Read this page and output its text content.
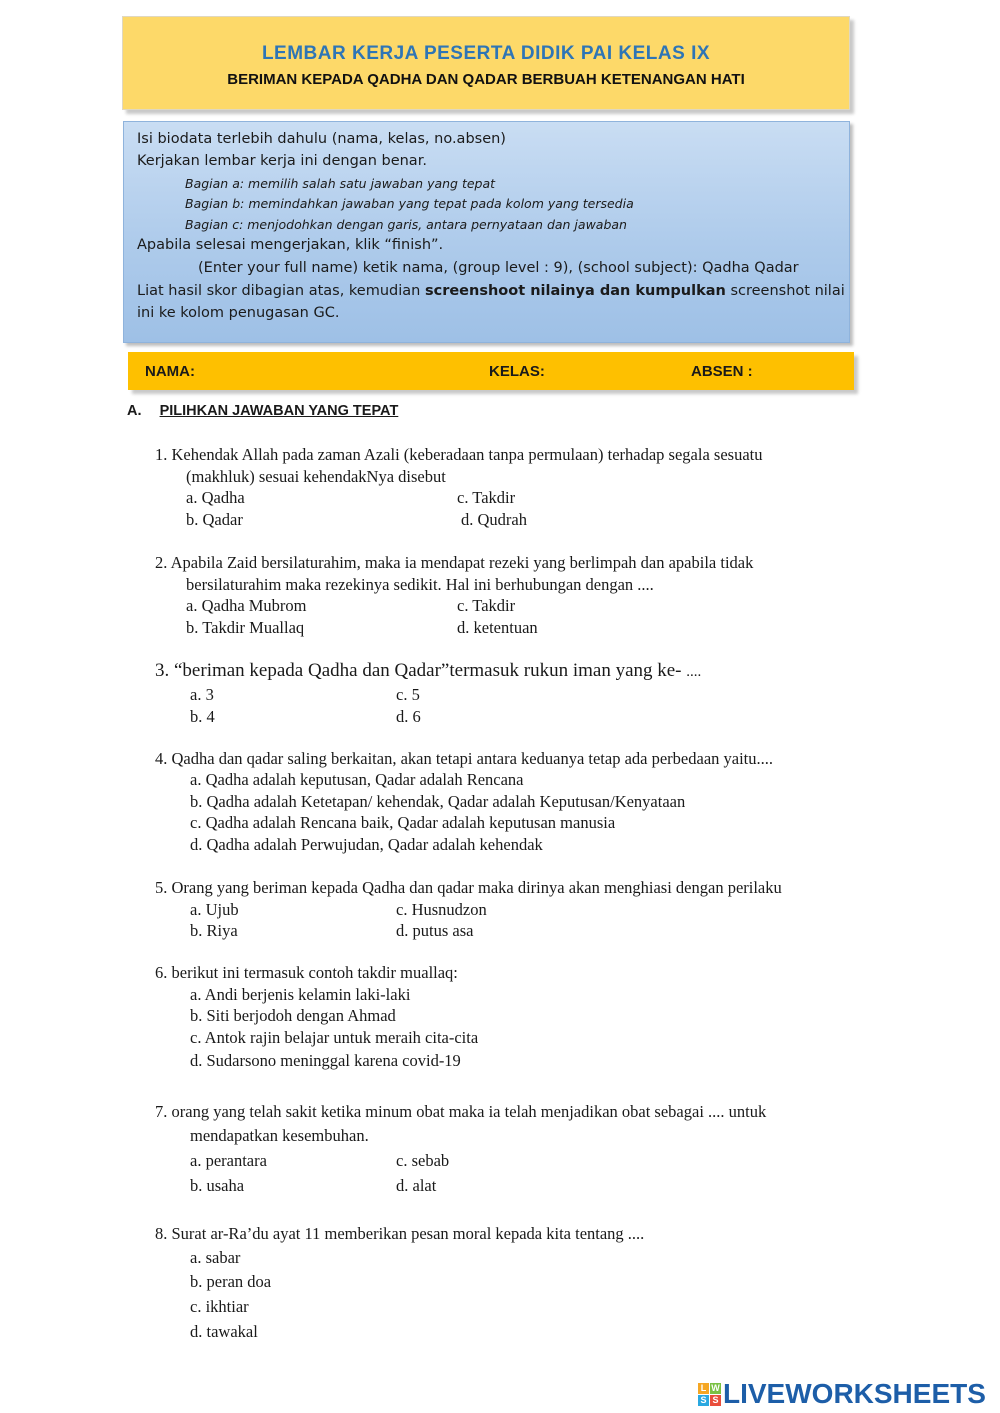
LEMBAR KERJA PESERTA DIDIK PAI KELAS IX
BERIMAN KEPADA QADHA DAN QADAR BERBUAH KETENANGAN HATI
Isi biodata terlebih dahulu (nama, kelas, no.absen)
Kerjakan lembar kerja ini dengan benar.
Bagian a: memilih salah satu jawaban yang tepat
Bagian b: memindahkan jawaban yang tepat pada kolom yang tersedia
Bagian c: menjodohkan dengan garis, antara pernyataan dan jawaban
Apabila selesai mengerjakan, klik “finish”.
(Enter your full name) ketik nama, (group level : 9), (school subject): Qadha Qadar
Liat hasil skor dibagian atas, kemudian screenshoot nilainya dan kumpulkan screenshot nilai
ini ke kolom penugasan GC.
NAMA:	KELAS:	ABSEN :
A. PILIHKAN JAWABAN YANG TEPAT
1. Kehendak Allah pada zaman Azali (keberadaan tanpa permulaan) terhadap segala sesuatu
(makhluk) sesuai kehendakNya disebut
a. Qadha	c. Takdir
b. Qadar	d. Qudrah
2. Apabila Zaid bersilaturahim, maka ia mendapat rezeki yang berlimpah dan apabila tidak
bersilaturahim maka rezekinya sedikit. Hal ini berhubungan dengan ....
a. Qadha Mubrom	c. Takdir
b. Takdir Muallaq	d. ketentuan
3. “beriman kepada Qadha dan Qadar”termasuk rukun iman yang ke- ....
a. 3	c. 5
b. 4	d. 6
4. Qadha dan qadar saling berkaitan, akan tetapi antara keduanya tetap ada perbedaan yaitu....
a. Qadha adalah keputusan, Qadar adalah Rencana
b. Qadha adalah Ketetapan/ kehendak, Qadar adalah Keputusan/Kenyataan
c. Qadha adalah Rencana baik, Qadar adalah keputusan manusia
d. Qadha adalah Perwujudan, Qadar adalah kehendak
5. Orang yang beriman kepada Qadha dan qadar maka dirinya akan menghiasi dengan perilaku
a. Ujub	c. Husnudzon
b. Riya	d. putus asa
6. berikut ini termasuk contoh takdir muallaq:
a. Andi berjenis kelamin laki-laki
b. Siti berjodoh dengan Ahmad
c. Antok rajin belajar untuk meraih cita-cita
d. Sudarsono meninggal karena covid-19
7. orang yang telah sakit ketika minum obat maka ia telah menjadikan obat sebagai .... untuk
mendapatkan kesembuhan.
a. perantara	c. sebab
b. usaha	d. alat
8. Surat ar-Ra’du ayat 11 memberikan pesan moral kepada kita tentang ....
a. sabar
b. peran doa
c. ikhtiar
d. tawakal
L W
S S LIVEWORKSHEETS
